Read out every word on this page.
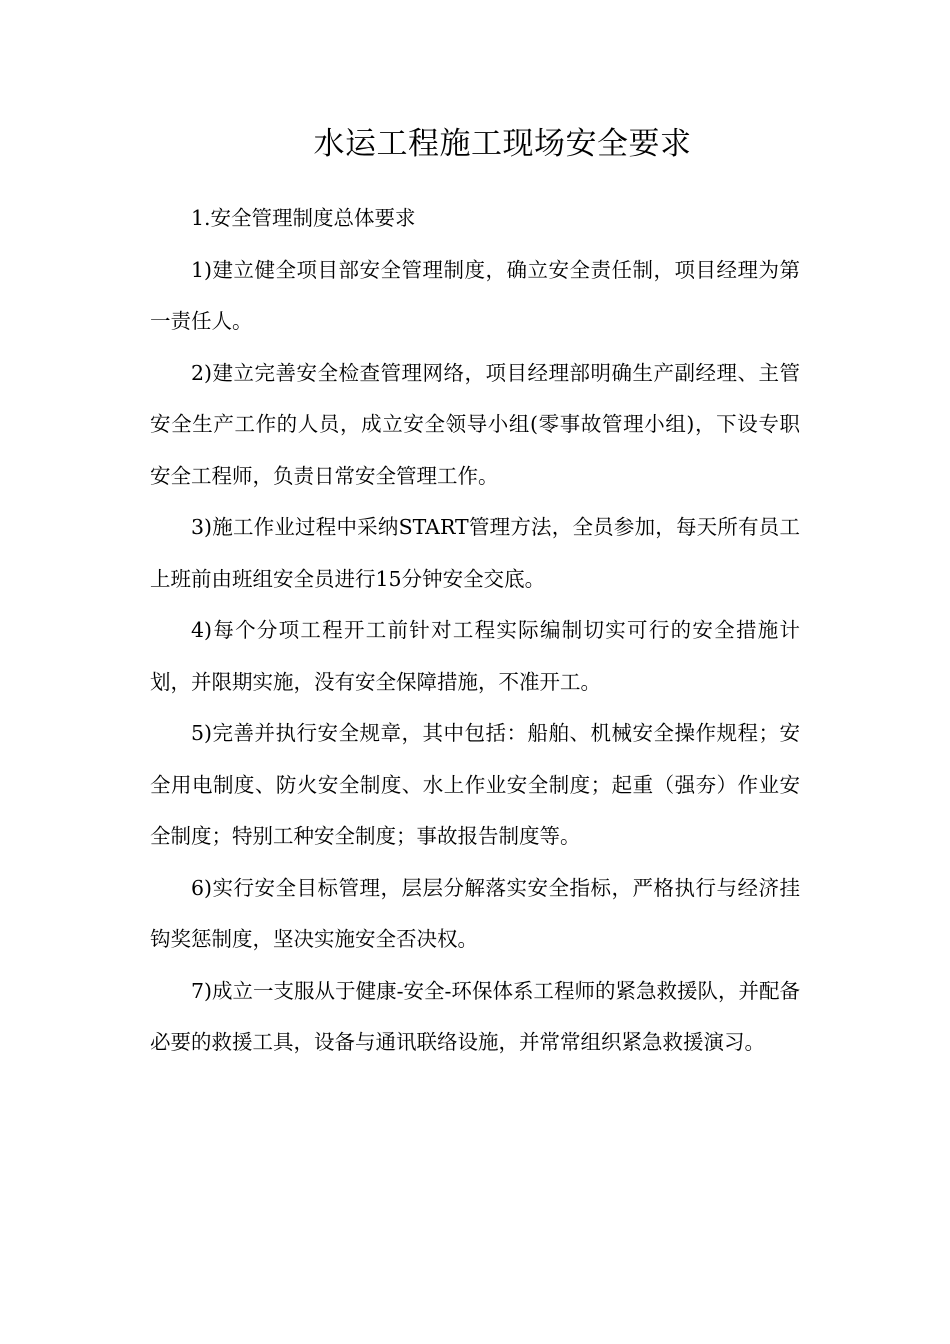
水运工程施工现场安全要求

1.安全管理制度总体要求

1)建立健全项目部安全管理制度，确立安全责任制，项目经理为第一责任人。

2)建立完善安全检查管理网络，项目经理部明确生产副经理、主管安全生产工作的人员，成立安全领导小组(零事故管理小组)，下设专职安全工程师，负责日常安全管理工作。

3)施工作业过程中采纳START管理方法，全员参加，每天所有员工上班前由班组安全员进行15分钟安全交底。

4)每个分项工程开工前针对工程实际编制切实可行的安全措施计划，并限期实施，没有安全保障措施，不准开工。

5)完善并执行安全规章，其中包括：船舶、机械安全操作规程；安全用电制度、防火安全制度、水上作业安全制度；起重（强夯）作业安全制度；特别工种安全制度；事故报告制度等。

6)实行安全目标管理，层层分解落实安全指标，严格执行与经济挂钩奖惩制度，坚决实施安全否决权。

7)成立一支服从于健康-安全-环保体系工程师的紧急救援队，并配备必要的救援工具，设备与通讯联络设施，并常常组织紧急救援演习。
